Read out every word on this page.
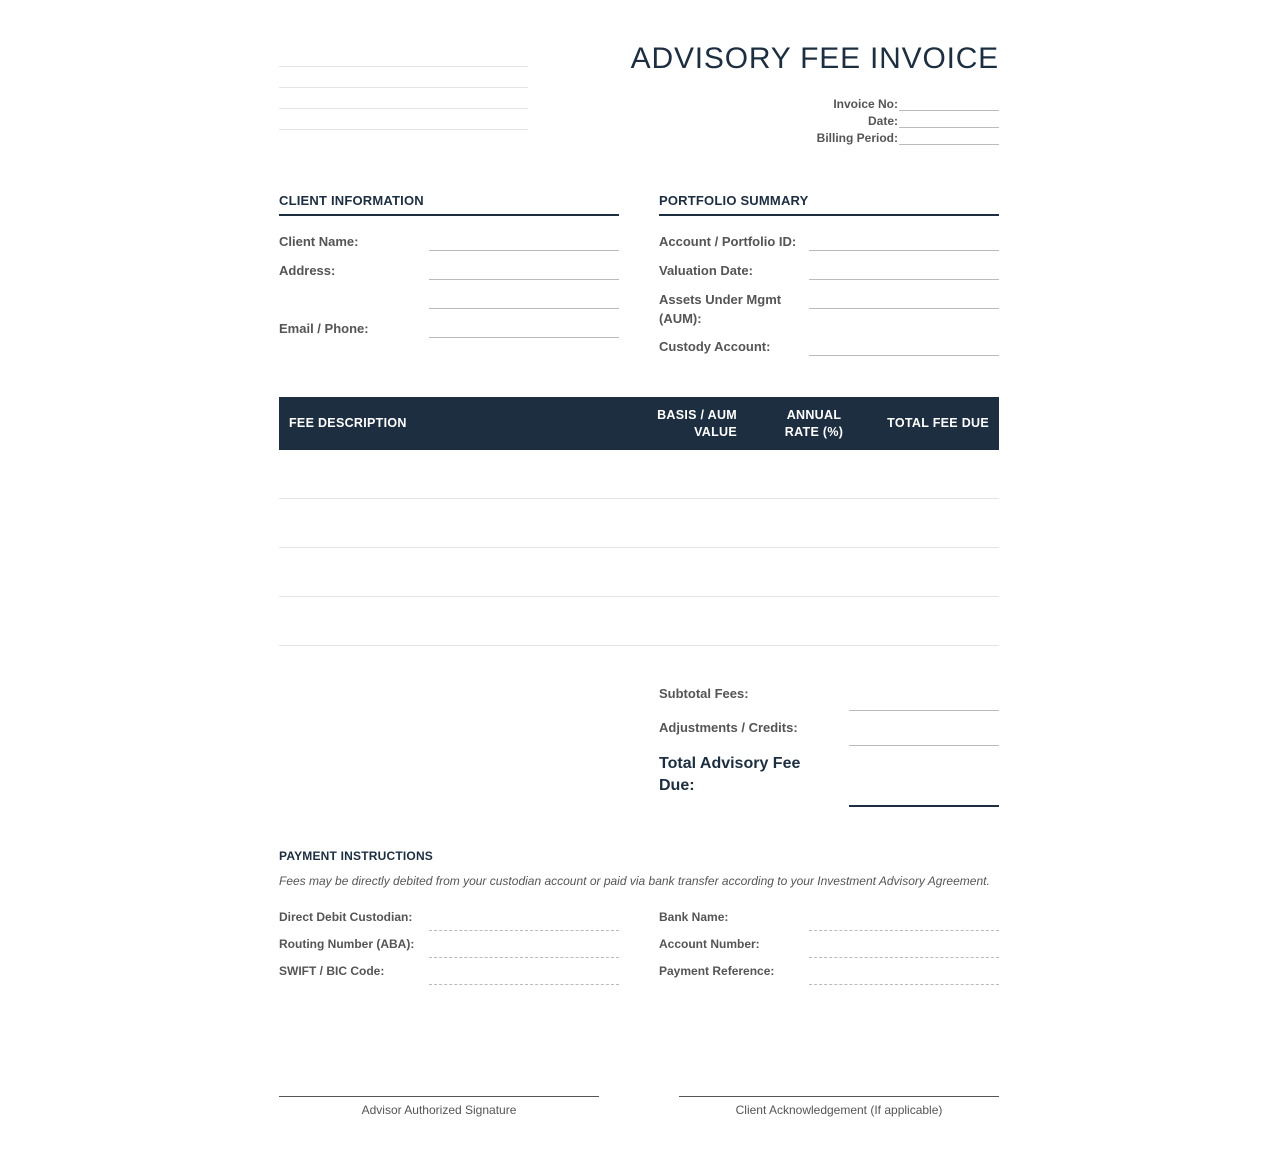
ADVISORY FEE INVOICE
Invoice No:
Date:
Billing Period:
CLIENT INFORMATION
Client Name:
Address:
Email / Phone:
PORTFOLIO SUMMARY
Account / Portfolio ID:
Valuation Date:
Assets Under Mgmt (AUM):
Custody Account:
FEE DESCRIPTION
BASIS / AUM VALUE
ANNUAL RATE (%)
TOTAL FEE DUE
Subtotal Fees:
Adjustments / Credits:
Total Advisory Fee Due:
PAYMENT INSTRUCTIONS
Fees may be directly debited from your custodian account or paid via bank transfer according to your Investment Advisory Agreement.
Direct Debit Custodian:
Routing Number (ABA):
SWIFT / BIC Code:
Bank Name:
Account Number:
Payment Reference:
Advisor Authorized Signature	Client Acknowledgement (If applicable)
